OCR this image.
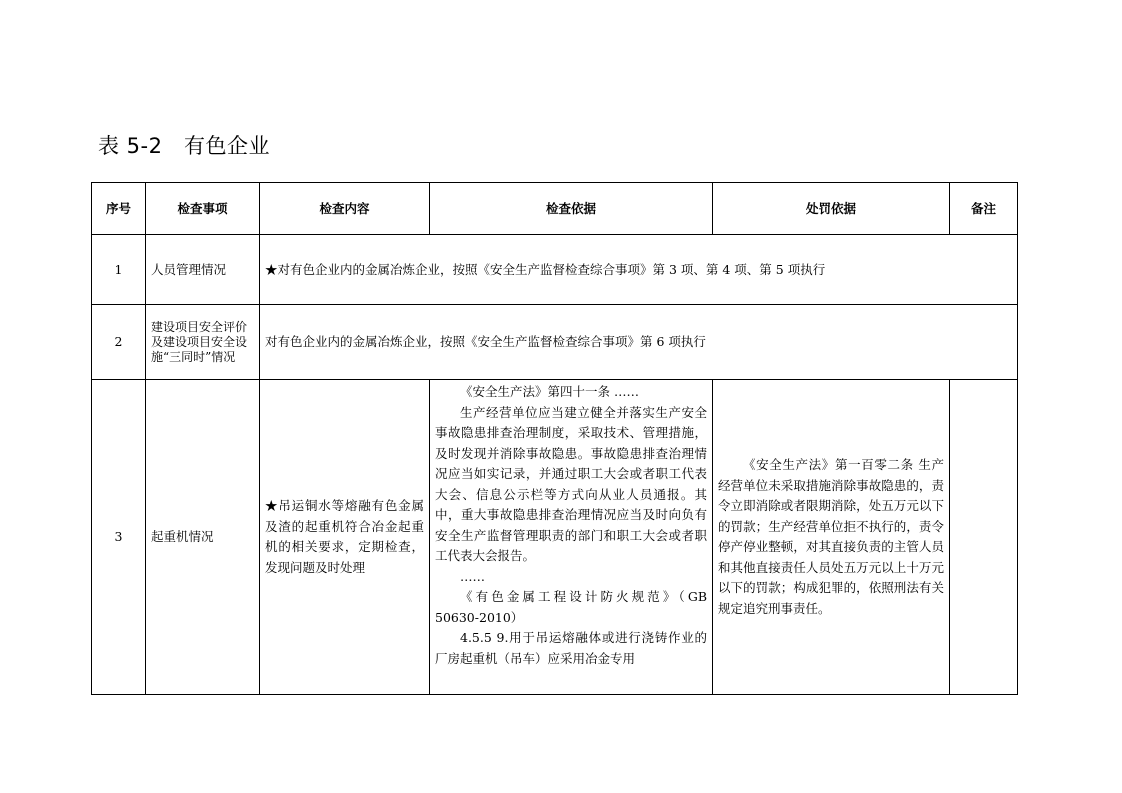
表 5-2   有色企业
序号	检查事项	检查内容	检查依据	处罚依据	备注
1	人员管理情况	★对有色企业内的金属冶炼企业，按照《安全生产监督检查综合事项》第 3 项、第 4 项、第 5 项执行			
2	建设项目安全评价及建设项目安全设施“三同时”情况	对有色企业内的金属冶炼企业，按照《安全生产监督检查综合事项》第 6 项执行			
3	起重机情况	★吊运铜水等熔融有色金属及渣的起重机符合冶金起重机的相关要求，定期检查，发现问题及时处理	《安全生产法》第四十一条 ……

生产经营单位应当建立健全并落实生产安全事故隐患排查治理制度，采取技术、管理措施，及时发现并消除事故隐患。事故隐患排查治理情况应当如实记录，并通过职工大会或者职工代表大会、信息公示栏等方式向从业人员通报。其中，重大事故隐患排查治理情况应当及时向负有安全生产监督管理职责的部门和职工大会或者职工代表大会报告。

……

《有色金属工程设计防火规范》（GB 50630-2010）

4.5.5 9.用于吊运熔融体或进行浇铸作业的厂房起重机（吊车）应采用冶金专用	《安全生产法》第一百零二条 生产经营单位未采取措施消除事故隐患的，责令立即消除或者限期消除，处五万元以下的罚款；生产经营单位拒不执行的，责令停产停业整顿，对其直接负责的主管人员和其他直接责任人员处五万元以上十万元以下的罚款；构成犯罪的，依照刑法有关规定追究刑事责任。	
